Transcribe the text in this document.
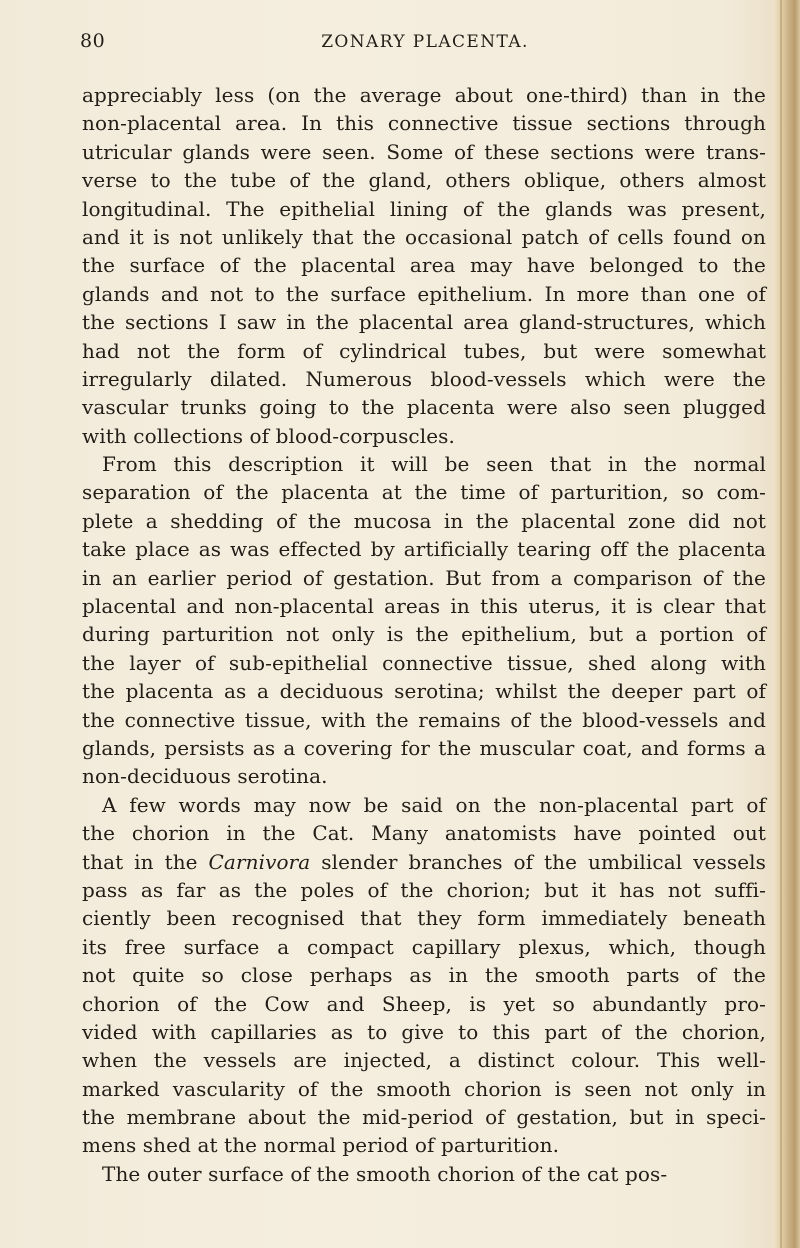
80	ZONARY PLACENTA.
appreciably less (on the average about one-third) than in the
non-placental area. In this connective tissue sections through
utricular glands were seen. Some of these sections were trans-
verse to the tube of the gland, others oblique, others almost
longitudinal. The epithelial lining of the glands was present,
and it is not unlikely that the occasional patch of cells found on
the surface of the placental area may have belonged to the
glands and not to the surface epithelium. In more than one of
the sections I saw in the placental area gland-structures, which
had not the form of cylindrical tubes, but were somewhat
irregularly dilated. Numerous blood-vessels which were the
vascular trunks going to the placenta were also seen plugged
with collections of blood-corpuscles.
From this description it will be seen that in the normal
separation of the placenta at the time of parturition, so com-
plete a shedding of the mucosa in the placental zone did not
take place as was effected by artificially tearing off the placenta
in an earlier period of gestation. But from a comparison of the
placental and non-placental areas in this uterus, it is clear that
during parturition not only is the epithelium, but a portion of
the layer of sub-epithelial connective tissue, shed along with
the placenta as a deciduous serotina; whilst the deeper part of
the connective tissue, with the remains of the blood-vessels and
glands, persists as a covering for the muscular coat, and forms a
non-deciduous serotina.
A few words may now be said on the non-placental part of
the chorion in the Cat. Many anatomists have pointed out
that in the Carnivora slender branches of the umbilical vessels
pass as far as the poles of the chorion; but it has not suffi-
ciently been recognised that they form immediately beneath
its free surface a compact capillary plexus, which, though
not quite so close perhaps as in the smooth parts of the
chorion of the Cow and Sheep, is yet so abundantly pro-
vided with capillaries as to give to this part of the chorion,
when the vessels are injected, a distinct colour. This well-
marked vascularity of the smooth chorion is seen not only in
the membrane about the mid-period of gestation, but in speci-
mens shed at the normal period of parturition.
The outer surface of the smooth chorion of the cat pos-
